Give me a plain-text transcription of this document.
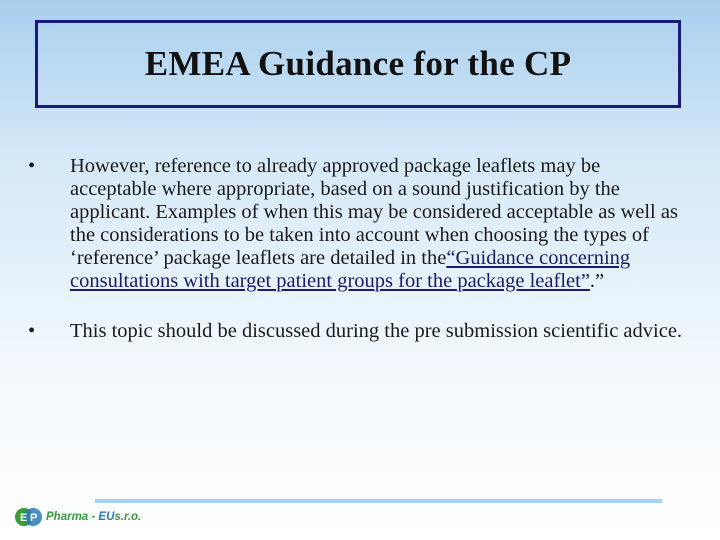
EMEA Guidance for the CP
•	However, reference to already approved package leaflets may be acceptable where appropriate, based on a sound justification by the applicant. Examples of when this may be considered acceptable as well as the considerations to be taken into account when choosing the types of ‘reference’ package leaflets are detailed in the“Guidance concerning consultations with target patient groups for the package leaflet”.”
•	This topic should be discussed during the pre submission scientific advice.
E P Pharma - EUs.r.o.
